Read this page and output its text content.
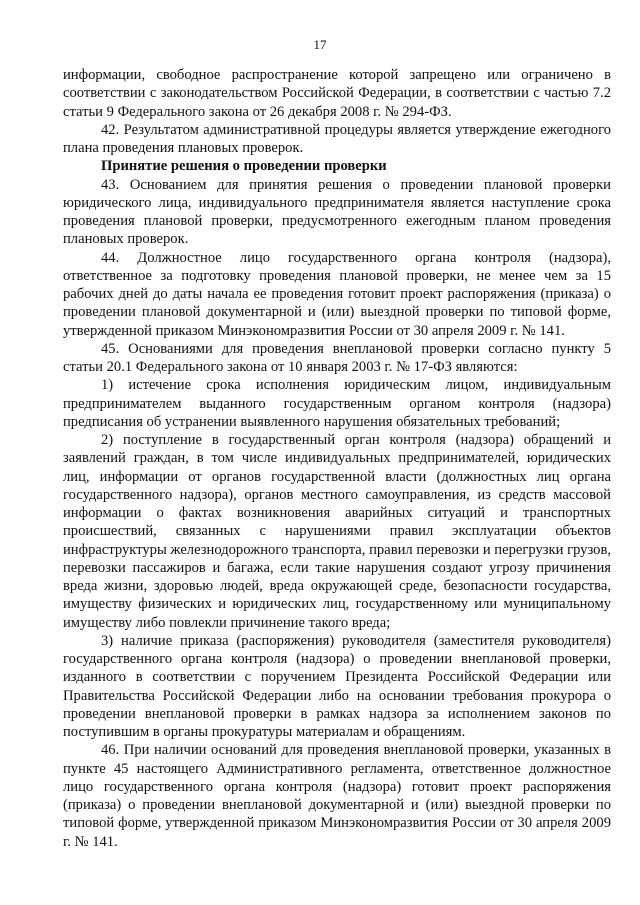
17

информации, свободное распространение которой запрещено или ограничено в соответствии с законодательством Российской Федерации, в соответствии с частью 7.2 статьи 9 Федерального закона от 26 декабря 2008 г. № 294-ФЗ.

42. Результатом административной процедуры является утверждение ежегодного плана проведения плановых проверок.

Принятие решения о проведении проверки

43. Основанием для принятия решения о проведении плановой проверки юридического лица, индивидуального предпринимателя является наступление срока проведения плановой проверки, предусмотренного ежегодным планом проведения плановых проверок.

44. Должностное лицо государственного органа контроля (надзора), ответственное за подготовку проведения плановой проверки, не менее чем за 15 рабочих дней до даты начала ее проведения готовит проект распоряжения (приказа) о проведении плановой документарной и (или) выездной проверки по типовой форме, утвержденной приказом Минэкономразвития России от 30 апреля 2009 г. № 141.

45. Основаниями для проведения внеплановой проверки согласно пункту 5 статьи 20.1 Федерального закона от 10 января 2003 г. № 17-ФЗ являются:

1) истечение срока исполнения юридическим лицом, индивидуальным предпринимателем выданного государственным органом контроля (надзора) предписания об устранении выявленного нарушения обязательных требований;

2) поступление в государственный орган контроля (надзора) обращений и заявлений граждан, в том числе индивидуальных предпринимателей, юридических лиц, информации от органов государственной власти (должностных лиц органа государственного надзора), органов местного самоуправления, из средств массовой информации о фактах возникновения аварийных ситуаций и транспортных происшествий, связанных с нарушениями правил эксплуатации объектов инфраструктуры железнодорожного транспорта, правил перевозки и перегрузки грузов, перевозки пассажиров и багажа, если такие нарушения создают угрозу причинения вреда жизни, здоровью людей, вреда окружающей среде, безопасности государства, имуществу физических и юридических лиц, государственному или муниципальному имуществу либо повлекли причинение такого вреда;

3) наличие приказа (распоряжения) руководителя (заместителя руководителя) государственного органа контроля (надзора) о проведении внеплановой проверки, изданного в соответствии с поручением Президента Российской Федерации или Правительства Российской Федерации либо на основании требования прокурора о проведении внеплановой проверки в рамках надзора за исполнением законов по поступившим в органы прокуратуры материалам и обращениям.

46. При наличии оснований для проведения внеплановой проверки, указанных в пункте 45 настоящего Административного регламента, ответственное должностное лицо государственного органа контроля (надзора) готовит проект распоряжения (приказа) о проведении внеплановой документарной и (или) выездной проверки по типовой форме, утвержденной приказом Минэкономразвития России от 30 апреля 2009 г. № 141.
